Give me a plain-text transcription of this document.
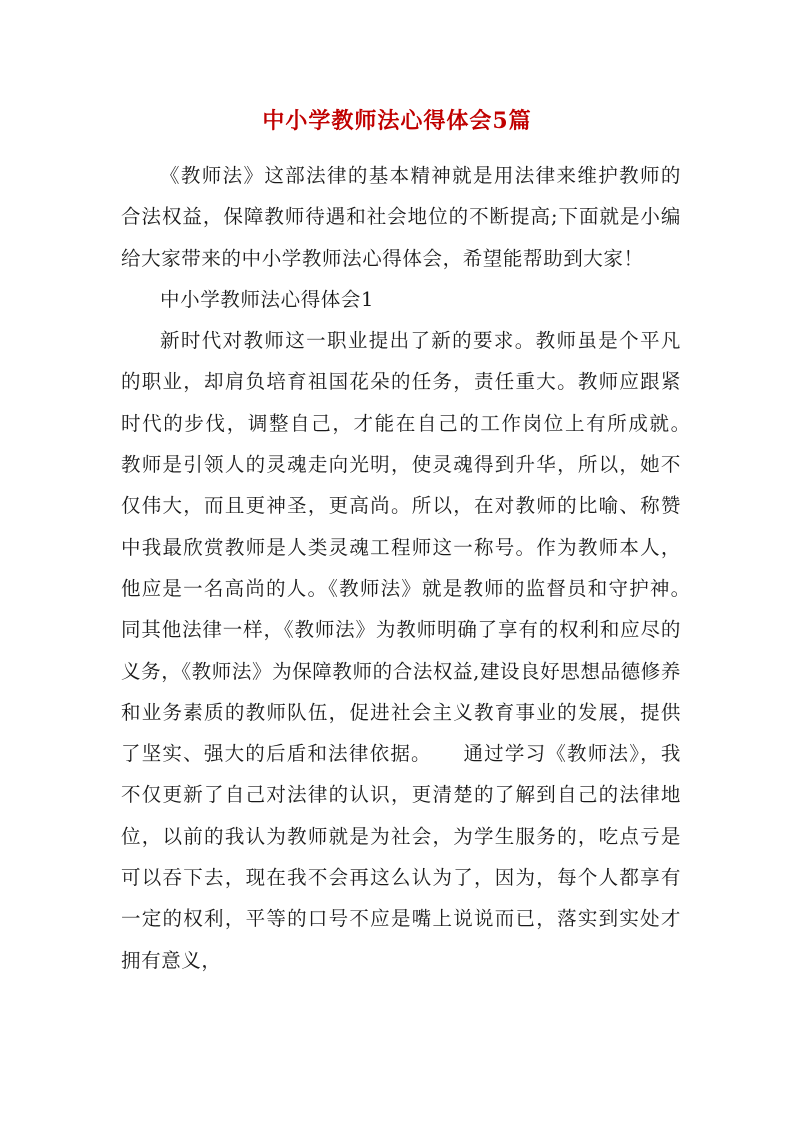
中小学教师法心得体会5篇

《教师法》这部法律的基本精神就是用法律来维护教师的合法权益，保障教师待遇和社会地位的不断提高;下面就是小编给大家带来的中小学教师法心得体会，希望能帮助到大家！

中小学教师法心得体会1

新时代对教师这一职业提出了新的要求。教师虽是个平凡的职业，却肩负培育祖国花朵的任务，责任重大。教师应跟紧时代的步伐，调整自己，才能在自己的工作岗位上有所成就。　　教师是引领人的灵魂走向光明，使灵魂得到升华，所以，她不仅伟大，而且更神圣，更高尚。所以，在对教师的比喻、称赞中我最欣赏教师是人类灵魂工程师这一称号。作为教师本人，他应是一名高尚的人。《教师法》就是教师的监督员和守护神。　　同其他法律一样，《教师法》为教师明确了享有的权利和应尽的义务，《教师法》为保障教师的合法权益,建设良好思想品德修养和业务素质的教师队伍，促进社会主义教育事业的发展，提供了坚实、强大的后盾和法律依据。　　通过学习《教师法》，我不仅更新了自己对法律的认识，更清楚的了解到自己的法律地位，以前的我认为教师就是为社会，为学生服务的，吃点亏是可以吞下去，现在我不会再这么认为了，因为，每个人都享有一定的权利，平等的口号不应是嘴上说说而已，落实到实处才拥有意义，
